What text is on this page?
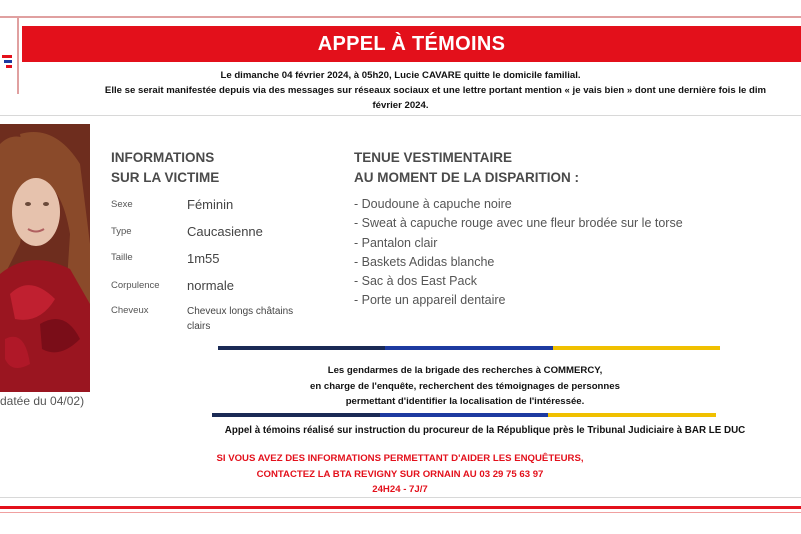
APPEL À TÉMOINS
Le dimanche 04 février 2024, à 05h20, Lucie CAVARE quitte le domicile familial.
Elle se serait manifestée depuis via des messages sur réseaux sociaux et une lettre portant mention « je vais bien » dont une dernière fois le dim
février 2024.
datée du 04/02)
INFORMATIONS
SUR LA VICTIME
Sexe	Féminin
Type	Caucasienne
Taille	1m55
Corpulence normale
Cheveux	Cheveux longs châtains clairs
TENUE VESTIMENTAIRE
AU MOMENT DE LA DISPARITION :
- Doudoune à capuche noire
- Sweat à capuche rouge avec une fleur brodée sur le torse
- Pantalon clair
- Baskets Adidas blanche
- Sac à dos East Pack
- Porte un appareil dentaire
Les gendarmes de la brigade des recherches à COMMERCY,
en charge de l'enquête, recherchent des témoignages de personnes
permettant d'identifier la localisation de l'intéressée.
Appel à témoins réalisé sur instruction du procureur de la République près le Tribunal Judiciaire à BAR LE DUC
SI VOUS AVEZ DES INFORMATIONS PERMETTANT D'AIDER LES ENQUÊTEURS,
CONTACTEZ LA BTA REVIGNY SUR ORNAIN AU 03 29 75 63 97
24H24 - 7J/7
